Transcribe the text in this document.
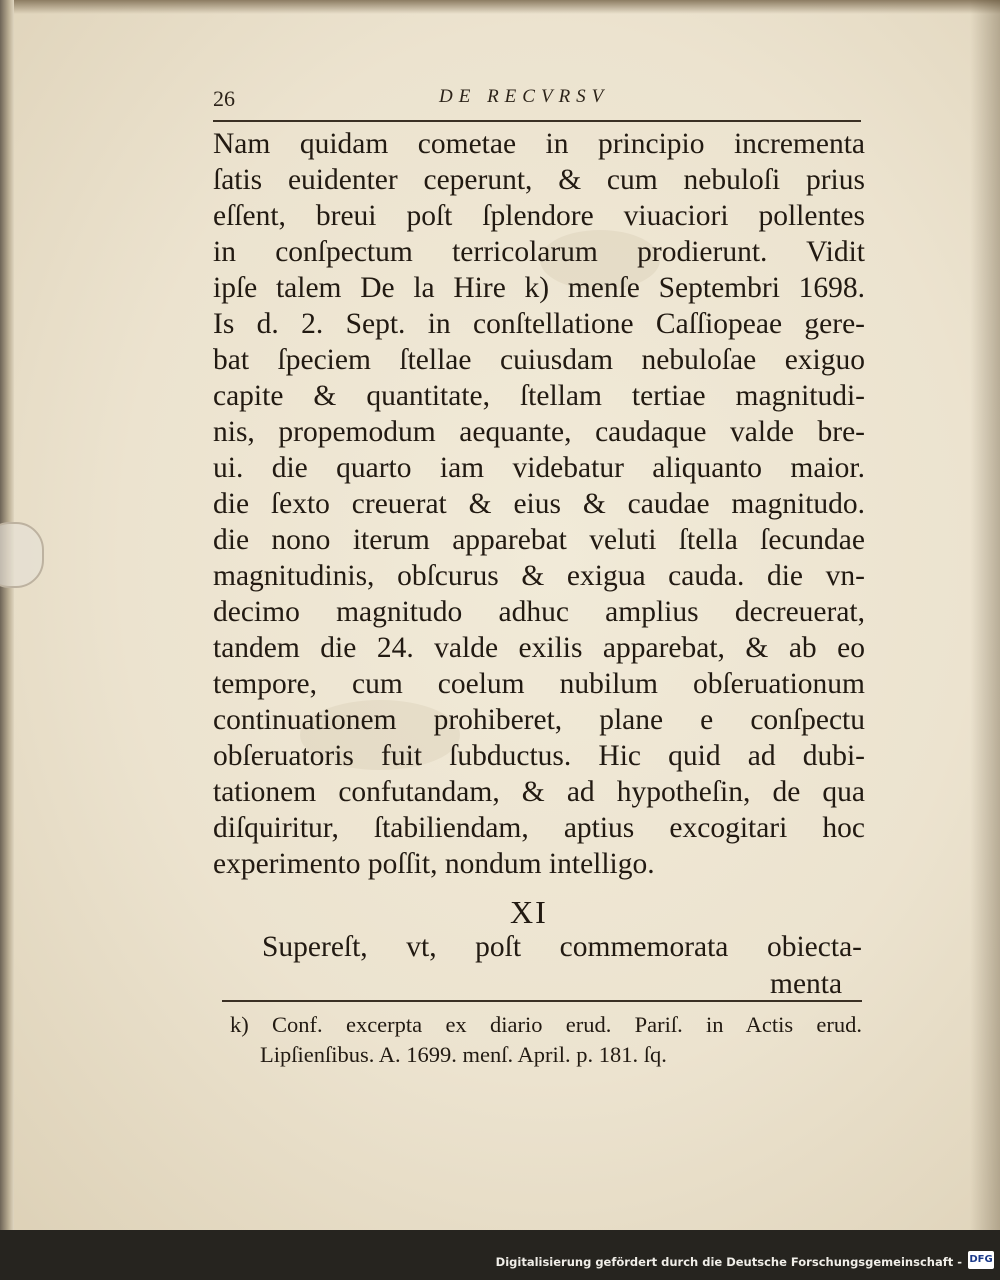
26	DE RECVRSV
Nam quidam cometae in principio incrementa
ſatis euidenter ceperunt, & cum nebuloſi prius
eſſent, breui poſt ſplendore viuaciori pollentes
in conſpectum terricolarum prodierunt. Vidit
ipſe talem De la Hire k) menſe Septembri 1698.
Is d. 2. Sept. in conſtellatione Caſſiopeae gere-
bat ſpeciem ſtellae cuiusdam nebuloſae exiguo
capite & quantitate, ſtellam tertiae magnitudi-
nis, propemodum aequante, caudaque valde bre-
ui. die quarto iam videbatur aliquanto maior.
die ſexto creuerat & eius & caudae magnitudo.
die nono iterum apparebat veluti ſtella ſecundae
magnitudinis, obſcurus & exigua cauda. die vn-
decimo magnitudo adhuc amplius decreuerat,
tandem die 24. valde exilis apparebat, & ab eo
tempore, cum coelum nubilum obſeruationum
continuationem prohiberet, plane e conſpectu
obſeruatoris fuit ſubductus. Hic quid ad dubi-
tationem confutandam, & ad hypotheſin, de qua
diſquiritur, ſtabiliendam, aptius excogitari hoc
experimento poſſit, nondum intelligo.
XI
Supereſt, vt, poſt commemorata obiecta-
menta
k) Conf. excerpta ex diario erud. Pariſ. in Actis erud.
Lipſienſibus. A. 1699. menſ. April. p. 181. ſq.
Digitalisierung gefördert durch die Deutsche Forschungsgemeinschaft - DFG
